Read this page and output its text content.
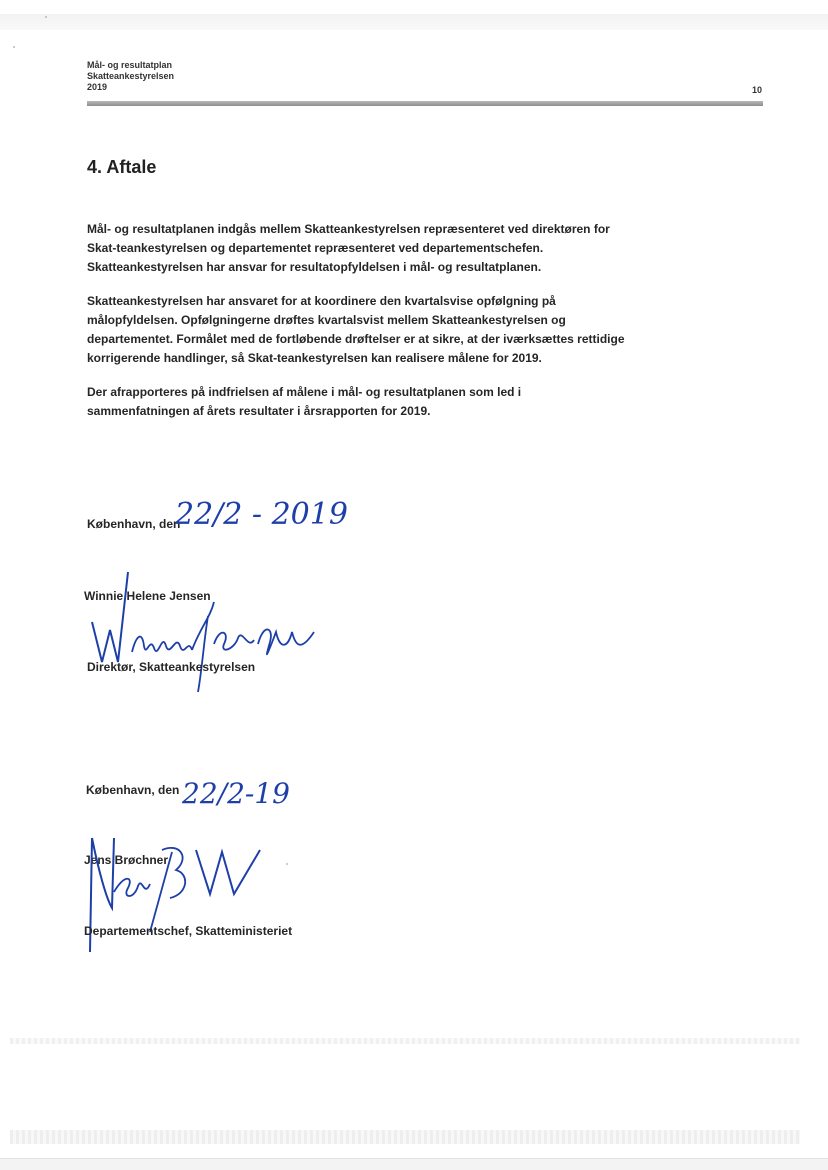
Mål- og resultatplan
Skatteankestyrelsen
2019	10
4. Aftale

Mål- og resultatplanen indgås mellem Skatteankestyrelsen repræsenteret ved direktøren for Skat-teankestyrelsen og departementet repræsenteret ved departementschefen. Skatteankestyrelsen har ansvar for resultatopfyldelsen i mål- og resultatplanen.

Skatteankestyrelsen har ansvaret for at koordinere den kvartalsvise opfølgning på målopfyldelsen. Opfølgningerne drøftes kvartalsvist mellem Skatteankestyrelsen og departementet. Formålet med de fortløbende drøftelser er at sikre, at der iværksættes rettidige korrigerende handlinger, så Skat-teankestyrelsen kan realisere målene for 2019.

Der afrapporteres på indfrielsen af målene i mål- og resultatplanen som led i sammenfatningen af årets resultater i årsrapporten for 2019.

København, den
22/2 - 2019
Winnie Helene Jensen
Direktør, Skatteankestyrelsen
København, den 22/2-19
Jens Brøchner
Departementschef, Skatteministeriet
